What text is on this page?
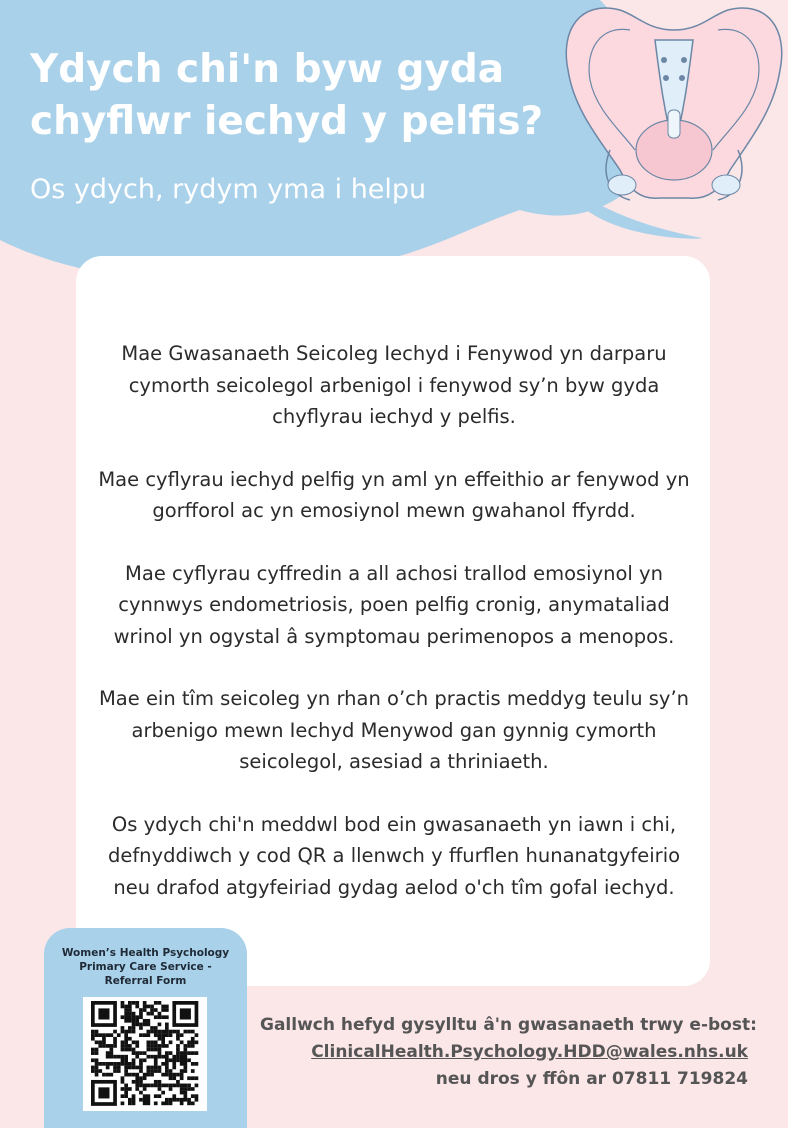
Ydych chi'n byw gyda
chyflwr iechyd y pelfis?
Os ydych, rydym yma i helpu

Mae Gwasanaeth Seicoleg Iechyd i Fenywod yn darparu cymorth seicolegol arbenigol i fenywod sy’n byw gyda chyflyrau iechyd y pelfis.

Mae cyflyrau iechyd pelfig yn aml yn effeithio ar fenywod yn gorfforol ac yn emosiynol mewn gwahanol ffyrdd.

Mae cyflyrau cyffredin a all achosi trallod emosiynol yn cynnwys endometriosis, poen pelfig cronig, anymataliad wrinol yn ogystal â symptomau perimenopos a menopos.

Mae ein tîm seicoleg yn rhan o’ch practis meddyg teulu sy’n arbenigo mewn Iechyd Menywod gan gynnig cymorth seicolegol, asesiad a thriniaeth.

Os ydych chi'n meddwl bod ein gwasanaeth yn iawn i chi, defnyddiwch y cod QR a llenwch y ffurflen hunanatgyfeirio neu drafod atgyfeiriad gydag aelod o'ch tîm gofal iechyd.

Women’s Health Psychology
Primary Care Service -
Referral Form
Gallwch hefyd gysylltu â'n gwasanaeth trwy e-bost:
ClinicalHealth.Psychology.HDD@wales.nhs.uk
neu dros y ffôn ar 07811 719824
